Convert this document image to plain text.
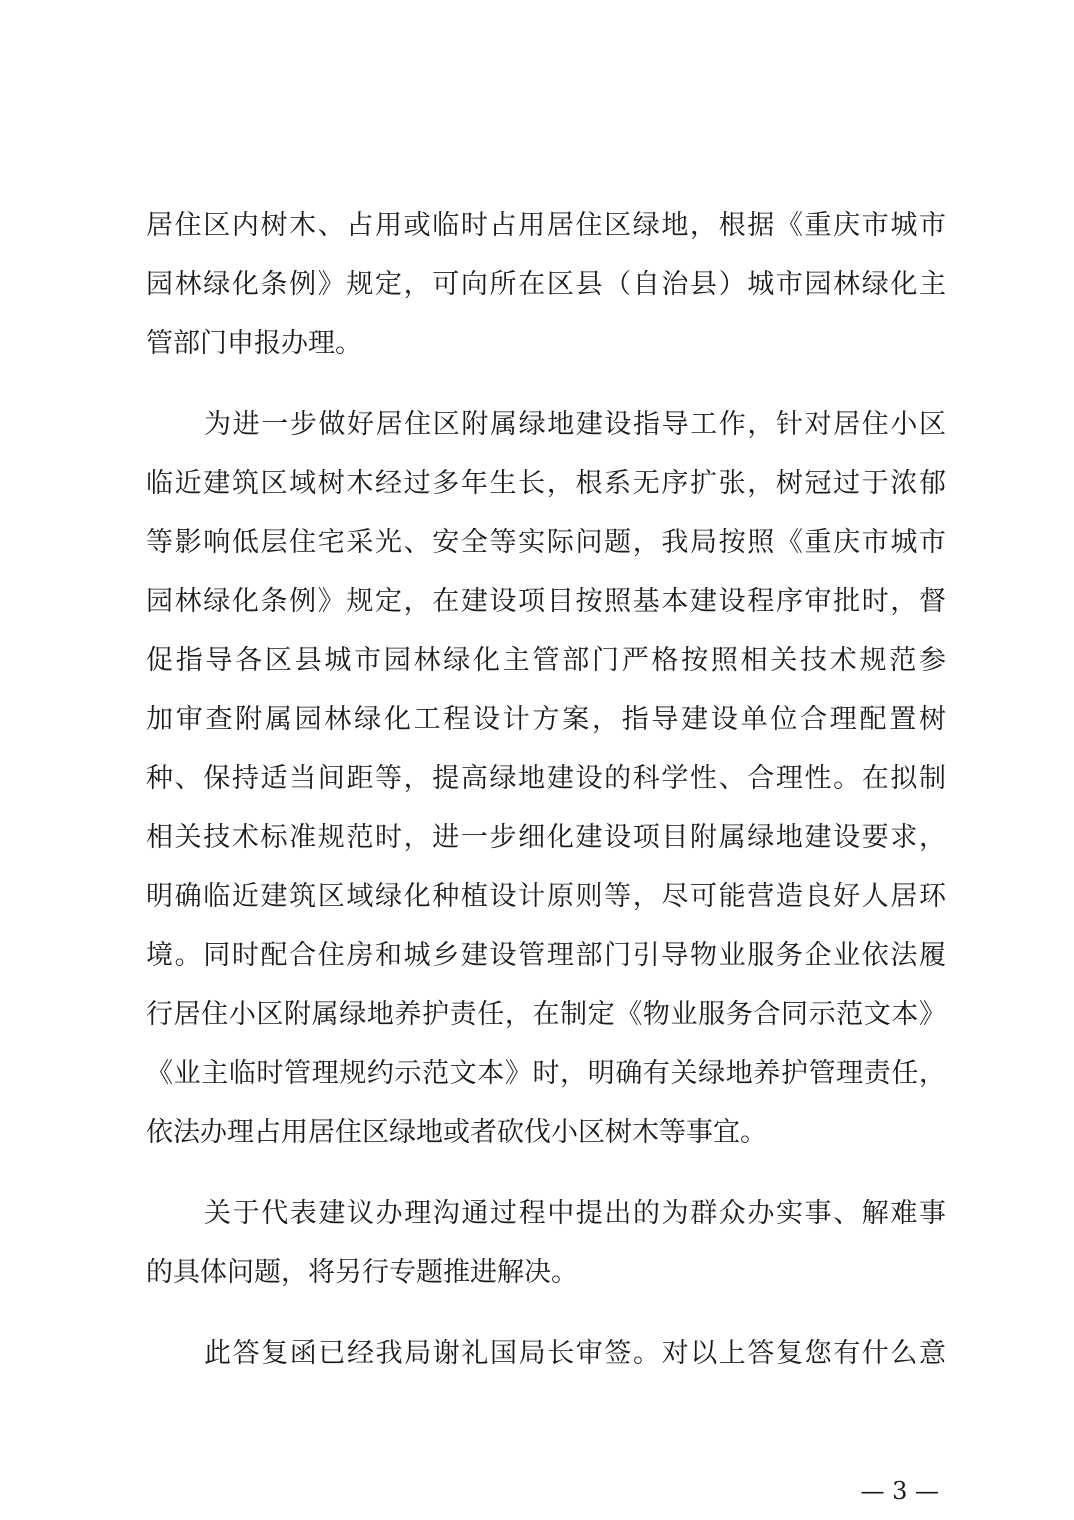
居住区内树木、占用或临时占用居住区绿地，根据《重庆市城市
园林绿化条例》规定，可向所在区县（自治县）城市园林绿化主
管部门申报办理。
为进一步做好居住区附属绿地建设指导工作，针对居住小区
临近建筑区域树木经过多年生长，根系无序扩张，树冠过于浓郁
等影响低层住宅采光、安全等实际问题，我局按照《重庆市城市
园林绿化条例》规定，在建设项目按照基本建设程序审批时，督
促指导各区县城市园林绿化主管部门严格按照相关技术规范参
加审查附属园林绿化工程设计方案，指导建设单位合理配置树
种、保持适当间距等，提高绿地建设的科学性、合理性。在拟制
相关技术标准规范时，进一步细化建设项目附属绿地建设要求，
明确临近建筑区域绿化种植设计原则等，尽可能营造良好人居环
境。同时配合住房和城乡建设管理部门引导物业服务企业依法履
行居住小区附属绿地养护责任，在制定《物业服务合同示范文本》
《业主临时管理规约示范文本》时，明确有关绿地养护管理责任，
依法办理占用居住区绿地或者砍伐小区树木等事宜。
关于代表建议办理沟通过程中提出的为群众办实事、解难事
的具体问题，将另行专题推进解决。
此答复函已经我局谢礼国局长审签。对以上答复您有什么意
— 3 —
